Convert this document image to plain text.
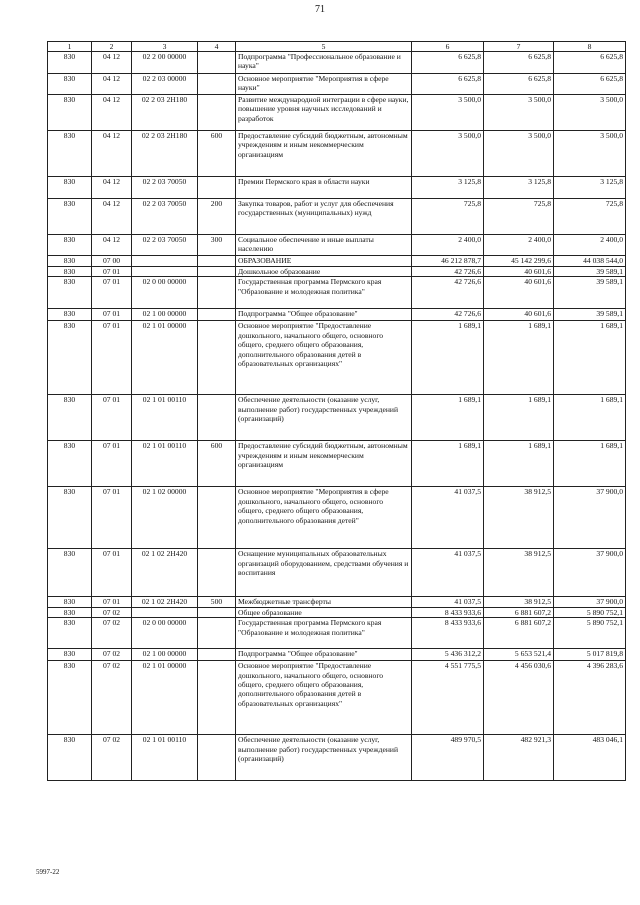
71
1	2	3	4	5	6	7	8
830	04 12	02 2 00 00000		Подпрограмма "Профессиональное образование и наука"	6 625,8	6 625,8	6 625,8
830	04 12	02 2 03 00000		Основное мероприятие "Мероприятия в сфере науки"	6 625,8	6 625,8	6 625,8
830	04 12	02 2 03 2Н180		Развитие международной интеграции в сфере науки, повышение уровня научных исследований и разработок	3 500,0	3 500,0	3 500,0
830	04 12	02 2 03 2Н180	600	Предоставление субсидий бюджетным, автономным учреждениям и иным некоммерческим организациям	3 500,0	3 500,0	3 500,0
830	04 12	02 2 03 70050		Премии Пермского края в области науки	3 125,8	3 125,8	3 125,8
830	04 12	02 2 03 70050	200	Закупка товаров, работ и услуг для обеспечения государственных (муниципальных) нужд	725,8	725,8	725,8
830	04 12	02 2 03 70050	300	Социальное обеспечение и иные выплаты населению	2 400,0	2 400,0	2 400,0
830	07 00			ОБРАЗОВАНИЕ	46 212 878,7	45 142 299,6	44 038 544,0
830	07 01			Дошкольное образование	42 726,6	40 601,6	39 589,1
830	07 01	02 0 00 00000		Государственная программа Пермского края "Образование и молодежная политика"	42 726,6	40 601,6	39 589,1
830	07 01	02 1 00 00000		Подпрограмма "Общее образование"	42 726,6	40 601,6	39 589,1
830	07 01	02 1 01 00000		Основное мероприятие "Предоставление дошкольного, начального общего, основного общего, среднего общего образования, дополнительного образования детей в образовательных организациях"	1 689,1	1 689,1	1 689,1
830	07 01	02 1 01 00110		Обеспечение деятельности (оказание услуг, выполнение работ) государственных учреждений (организаций)	1 689,1	1 689,1	1 689,1
830	07 01	02 1 01 00110	600	Предоставление субсидий бюджетным, автономным учреждениям и иным некоммерческим организациям	1 689,1	1 689,1	1 689,1
830	07 01	02 1 02 00000		Основное мероприятие "Мероприятия в сфере дошкольного, начального общего, основного общего, среднего общего образования, дополнительного образования детей"	41 037,5	38 912,5	37 900,0
830	07 01	02 1 02 2Н420		Оснащение муниципальных образовательных организаций оборудованием, средствами обучения и воспитания	41 037,5	38 912,5	37 900,0
830	07 01	02 1 02 2Н420	500	Межбюджетные трансферты	41 037,5	38 912,5	37 900,0
830	07 02			Общее образование	8 433 933,6	6 881 607,2	5 890 752,1
830	07 02	02 0 00 00000		Государственная программа Пермского края "Образование и молодежная политика"	8 433 933,6	6 881 607,2	5 890 752,1
830	07 02	02 1 00 00000		Подпрограмма "Общее образование"	5 436 312,2	5 653 521,4	5 017 819,8
830	07 02	02 1 01 00000		Основное мероприятие "Предоставление дошкольного, начального общего, основного общего, среднего общего образования, дополнительного образования детей в образовательных организациях"	4 551 775,5	4 456 030,6	4 396 283,6
830	07 02	02 1 01 00110		Обеспечение деятельности (оказание услуг, выполнение работ) государственных учреждений (организаций)	489 970,5	482 921,3	483 046,1
5997-22
